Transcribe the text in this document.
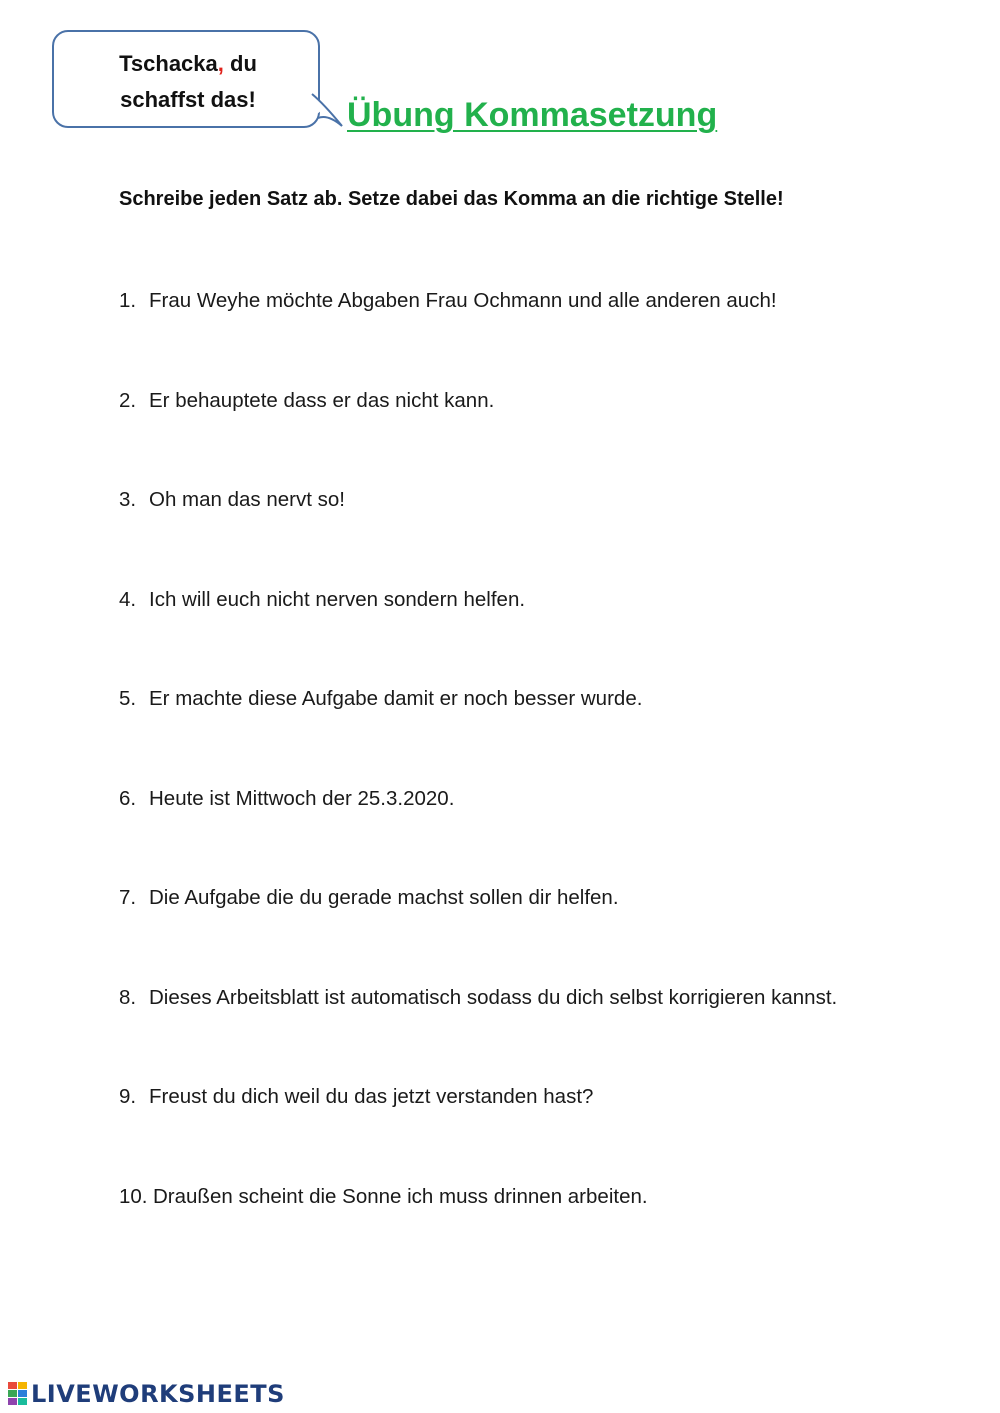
Tschacka, du
schaffst das!	Übung Kommasetzung
Schreibe jeden Satz ab. Setze dabei das Komma an die richtige Stelle!
1. Frau Weyhe möchte Abgaben Frau Ochmann und alle anderen auch!
2. Er behauptete dass er das nicht kann.
3. Oh man das nervt so!
4. Ich will euch nicht nerven sondern helfen.
5. Er machte diese Aufgabe damit er noch besser wurde.
6. Heute ist Mittwoch der 25.3.2020.
7. Die Aufgabe die du gerade machst sollen dir helfen.
8. Dieses Arbeitsblatt ist automatisch sodass du dich selbst korrigieren kannst.
9. Freust du dich weil du das jetzt verstanden hast?
10. Draußen scheint die Sonne ich muss drinnen arbeiten.
LIVEWORKSHEETS
